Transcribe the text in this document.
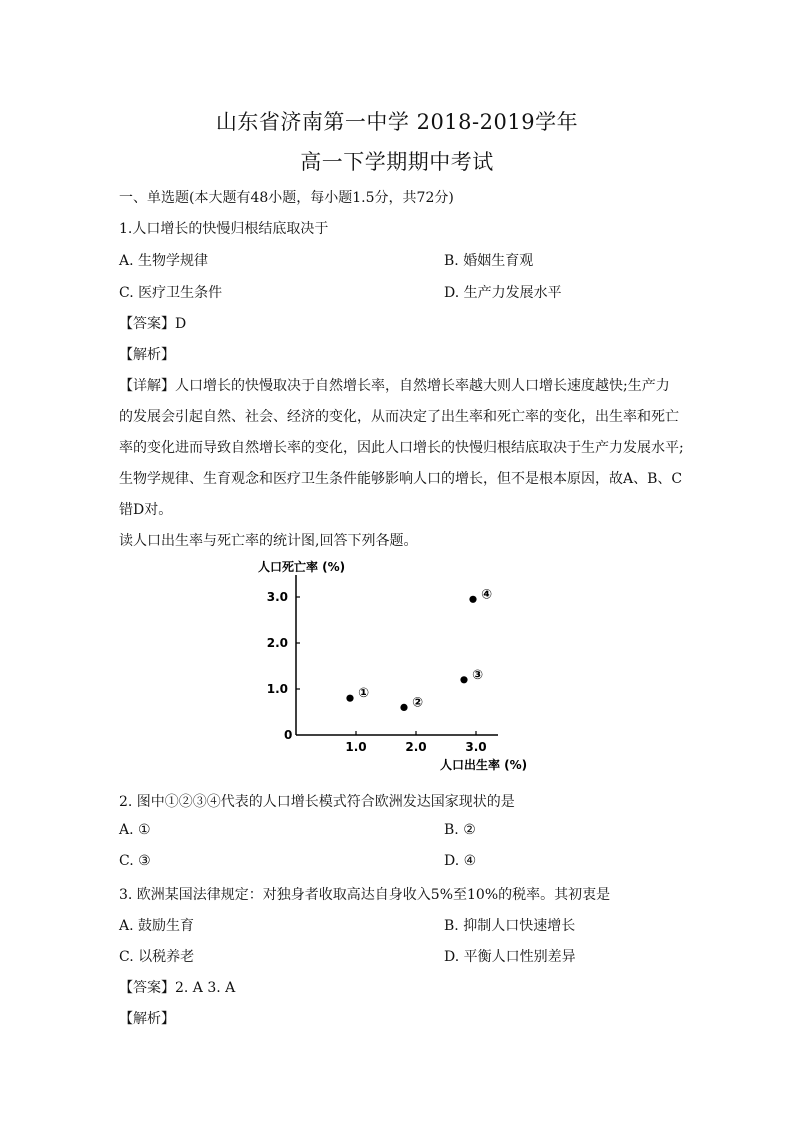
山东省济南第一中学 2018-2019学年
高一下学期期中考试
一、单选题(本大题有48小题，每小题1.5分，共72分)
1.人口增长的快慢归根结底取决于
A. 生物学规律	B. 婚姻生育观
C. 医疗卫生条件	D. 生产力发展水平
【答案】D
【解析】
【详解】人口增长的快慢取决于自然增长率，自然增长率越大则人口增长速度越快;生产力
的发展会引起自然、社会、经济的变化，从而决定了出生率和死亡率的变化，出生率和死亡
率的变化进而导致自然增长率的变化，因此人口增长的快慢归根结底取决于生产力发展水平;
生物学规律、生育观念和医疗卫生条件能够影响人口的增长，但不是根本原因，故A、B、C
错D对。
读人口出生率与死亡率的统计图,回答下列各题。
人口死亡率 (%)
0
人口出生率 (%)
1.0	2.0	3.0
1.0
2.0
3.0
①
②
③
④
2. 图中①②③④代表的人口增长模式符合欧洲发达国家现状的是
A. ①	B. ②
C. ③	D. ④
3. 欧洲某国法律规定：对独身者收取高达自身收入5%至10%的税率。其初衷是
A. 鼓励生育	B. 抑制人口快速增长
C. 以税养老	D. 平衡人口性别差异
【答案】2. A 3. A
【解析】
